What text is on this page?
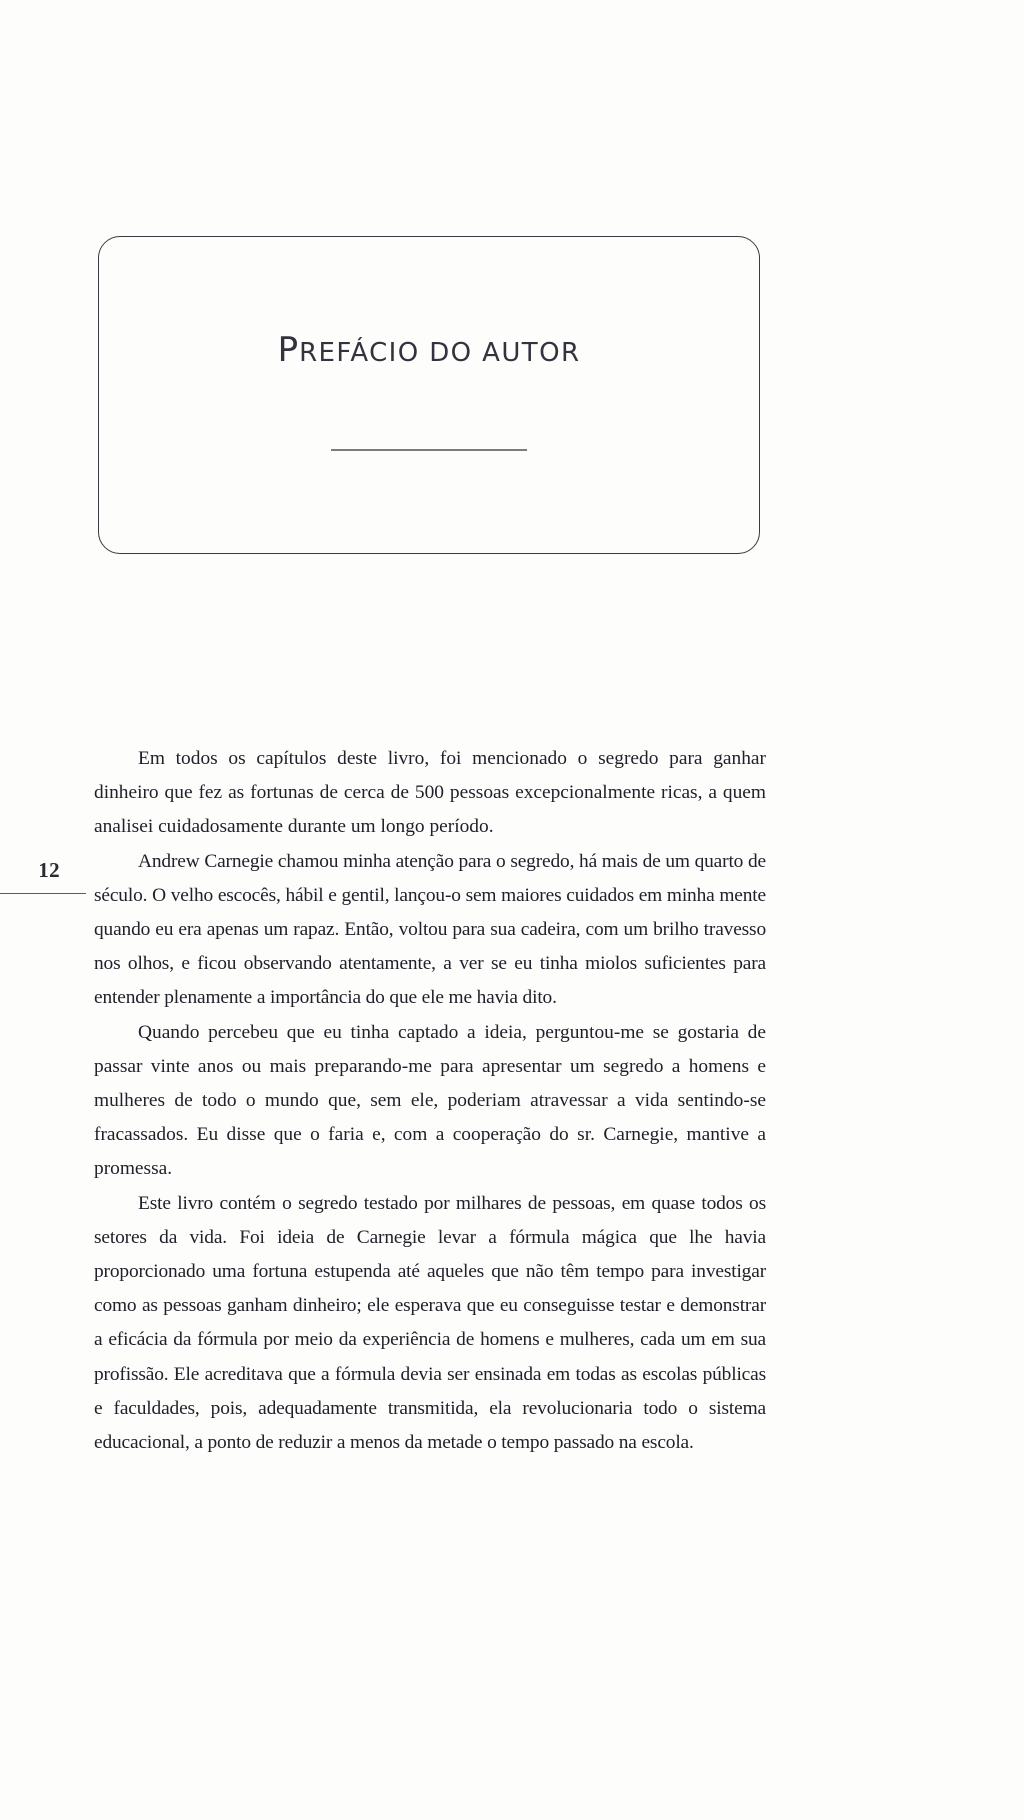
12
PREFÁCIO DO AUTOR

Em todos os capítulos deste livro, foi mencionado o segredo para ganhar dinheiro que fez as fortunas de cerca de 500 pessoas excepcionalmente ricas, a quem analisei cuidadosamente durante um longo período.

Andrew Carnegie chamou minha atenção para o segredo, há mais de um quarto de século. O velho escocês, hábil e gentil, lançou-o sem maiores cuidados em minha mente quando eu era apenas um rapaz. Então, voltou para sua cadeira, com um brilho travesso nos olhos, e ficou observando atentamente, a ver se eu tinha miolos suficientes para entender plenamente a importância do que ele me havia dito.

Quando percebeu que eu tinha captado a ideia, perguntou-me se gostaria de passar vinte anos ou mais preparando-me para apresentar um segredo a homens e mulheres de todo o mundo que, sem ele, poderiam atravessar a vida sentindo-se fracassados. Eu disse que o faria e, com a cooperação do sr. Carnegie, mantive a promessa.

Este livro contém o segredo testado por milhares de pessoas, em quase todos os setores da vida. Foi ideia de Carnegie levar a fórmula mágica que lhe havia proporcionado uma fortuna estupenda até aqueles que não têm tempo para investigar como as pessoas ganham dinheiro; ele esperava que eu conseguisse testar e demonstrar a eficácia da fórmula por meio da experiência de homens e mulheres, cada um em sua profissão. Ele acreditava que a fórmula devia ser ensinada em todas as escolas públicas e faculdades, pois, adequadamente transmitida, ela revolucionaria todo o sistema educacional, a ponto de reduzir a menos da metade o tempo passado na escola.
